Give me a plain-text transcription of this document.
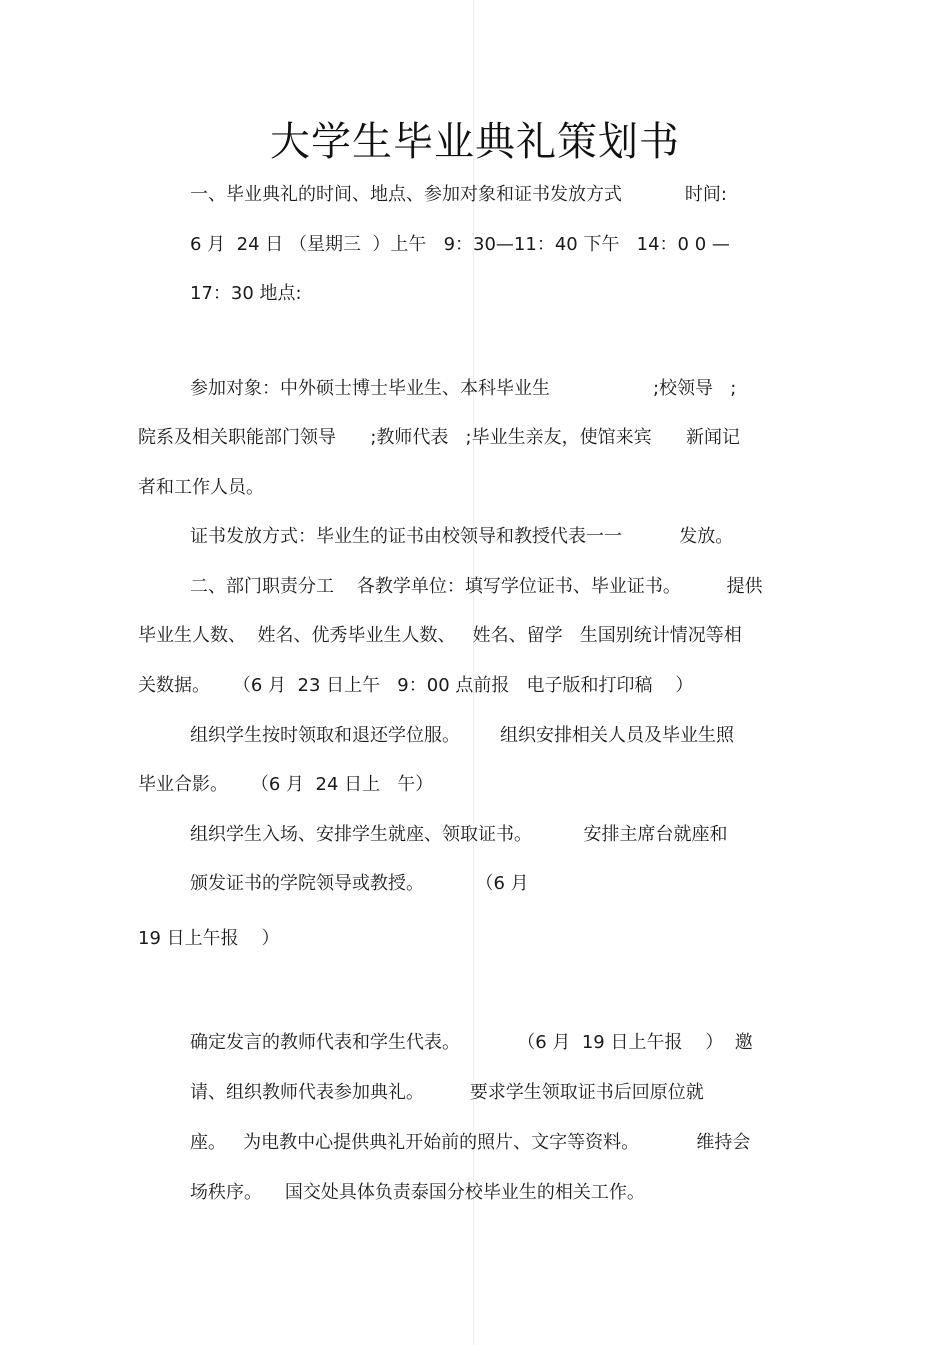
大学生毕业典礼策划书
一、毕业典礼的时间、地点、参加对象和证书发放方式           时间:
6 月  24 日 （星期三  ）上午   9：30—11：40 下午   14：0 0 —
17：30 地点:
参加对象：中外硕士博士毕业生、本科毕业生                  ;校领导   ;
院系及相关职能部门领导      ;教师代表   ;毕业生亲友，使馆来宾      新闻记
者和工作人员。
证书发放方式：毕业生的证书由校领导和教授代表一一          发放。
二、部门职责分工    各教学单位：填写学位证书、毕业证书。        提供
毕业生人数、  姓名、优秀毕业生人数、   姓名、留学   生国别统计情况等相
关数据。    （6 月  23 日上午   9：00 点前报   电子版和打印稿    ）
组织学生按时领取和退还学位服。       组织安排相关人员及毕业生照
毕业合影。    （6 月  24 日上   午）
组织学生入场、安排学生就座、领取证书。         安排主席台就座和
颁发证书的学院领导或教授。         （6 月
19 日上午报    ）
确定发言的教师代表和学生代表。          （6 月  19 日上午报    ）  邀
请、组织教师代表参加典礼。        要求学生领取证书后回原位就
座。   为电教中心提供典礼开始前的照片、文字等资料。          维持会
场秩序。    国交处具体负责泰国分校毕业生的相关工作。
